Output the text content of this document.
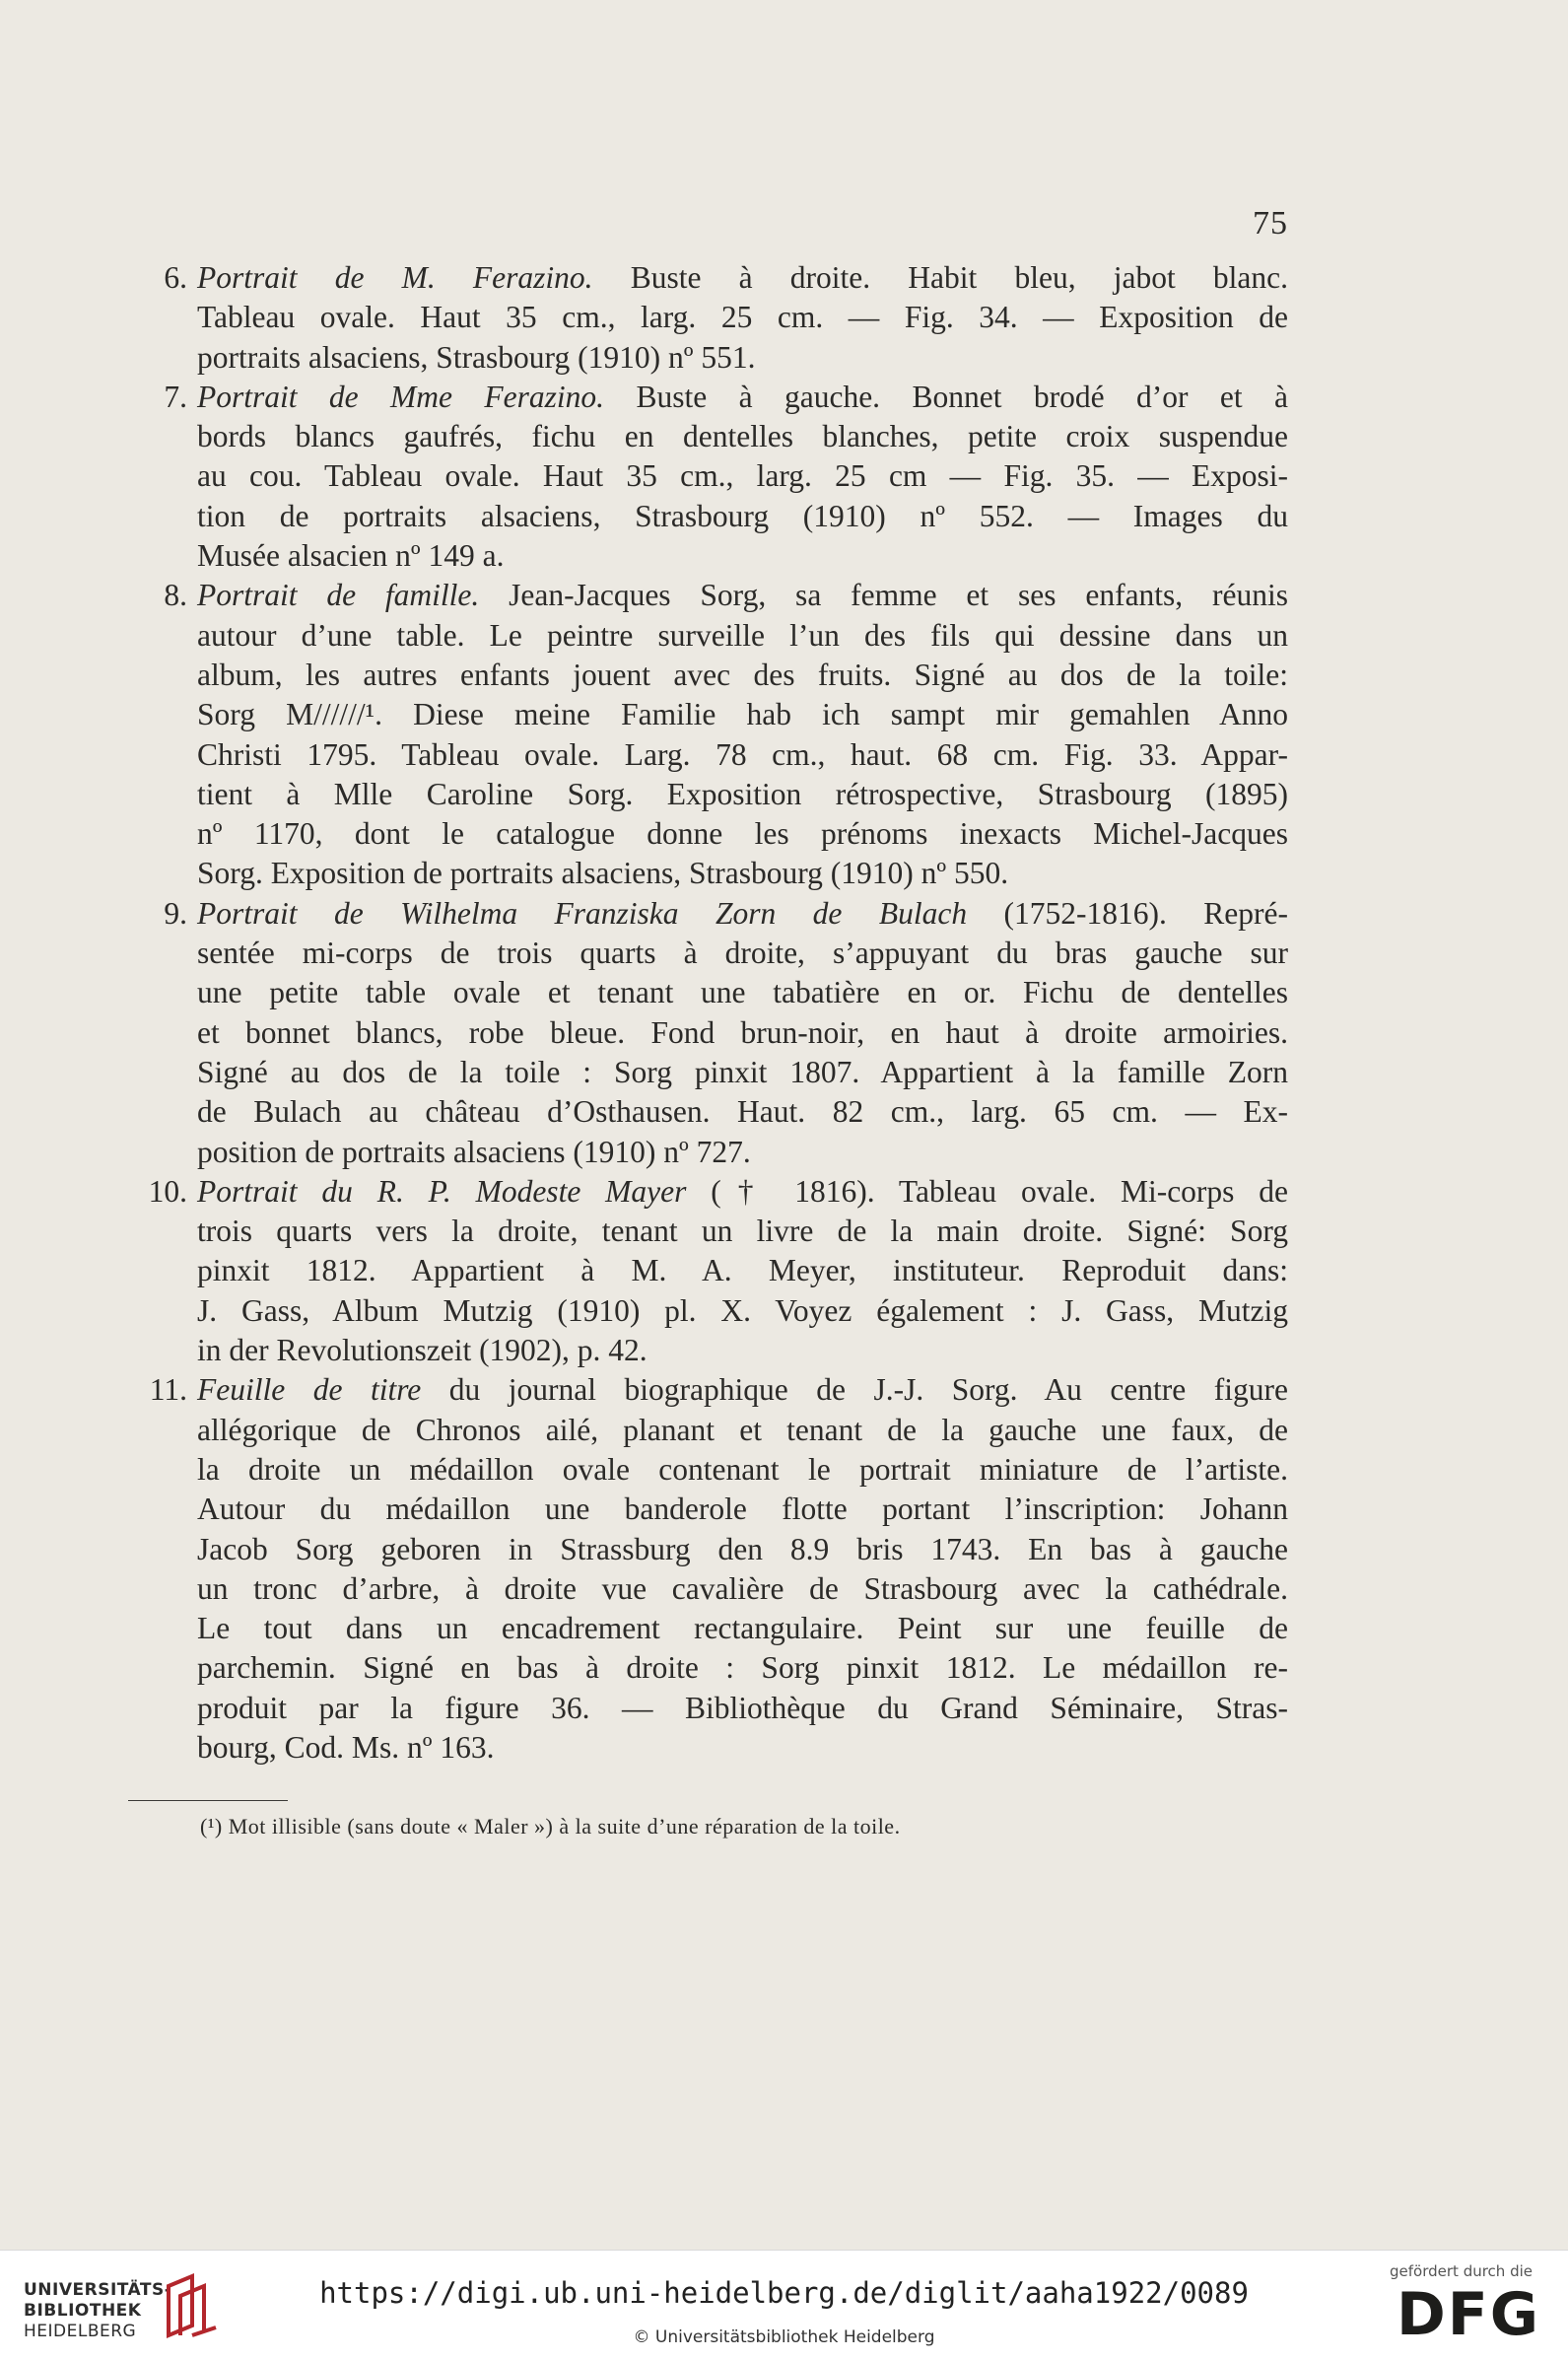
75
6. Portrait de M. Ferazino. Buste à droite. Habit bleu, jabot blanc.
Tableau ovale. Haut 35 cm., larg. 25 cm. — Fig. 34. — Exposition de
portraits alsaciens, Strasbourg (1910) nº 551.
7. Portrait de Mme Ferazino. Buste à gauche. Bonnet brodé d’or et à
bords blancs gaufrés, fichu en dentelles blanches, petite croix suspendue
au cou. Tableau ovale. Haut 35 cm., larg. 25 cm — Fig. 35. — Exposi-
tion de portraits alsaciens, Strasbourg (1910) nº 552. — Images du
Musée alsacien nº 149 a.
8. Portrait de famille. Jean-Jacques Sorg, sa femme et ses enfants, réunis
autour d’une table. Le peintre surveille l’un des fils qui dessine dans un
album, les autres enfants jouent avec des fruits. Signé au dos de la toile:
Sorg M//////¹. Diese meine Familie hab ich sampt mir gemahlen Anno
Christi 1795. Tableau ovale. Larg. 78 cm., haut. 68 cm. Fig. 33. Appar-
tient à Mlle Caroline Sorg. Exposition rétrospective, Strasbourg (1895)
nº 1170, dont le catalogue donne les prénoms inexacts Michel-Jacques
Sorg. Exposition de portraits alsaciens, Strasbourg (1910) nº 550.
9. Portrait de Wilhelma Franziska Zorn de Bulach (1752-1816). Repré-
sentée mi-corps de trois quarts à droite, s’appuyant du bras gauche sur
une petite table ovale et tenant une tabatière en or. Fichu de dentelles
et bonnet blancs, robe bleue. Fond brun-noir, en haut à droite armoiries.
Signé au dos de la toile : Sorg pinxit 1807. Appartient à la famille Zorn
de Bulach au château d’Osthausen. Haut. 82 cm., larg. 65 cm. — Ex-
position de portraits alsaciens (1910) nº 727.
10. Portrait du R. P. Modeste Mayer († 1816). Tableau ovale. Mi-corps de
trois quarts vers la droite, tenant un livre de la main droite. Signé: Sorg
pinxit 1812. Appartient à M. A. Meyer, instituteur. Reproduit dans:
J. Gass, Album Mutzig (1910) pl. X. Voyez également : J. Gass, Mutzig
in der Revolutionszeit (1902), p. 42.
11. Feuille de titre du journal biographique de J.-J. Sorg. Au centre figure
allégorique de Chronos ailé, planant et tenant de la gauche une faux, de
la droite un médaillon ovale contenant le portrait miniature de l’artiste.
Autour du médaillon une banderole flotte portant l’inscription: Johann
Jacob Sorg geboren in Strassburg den 8.9 bris 1743. En bas à gauche
un tronc d’arbre, à droite vue cavalière de Strasbourg avec la cathédrale.
Le tout dans un encadrement rectangulaire. Peint sur une feuille de
parchemin. Signé en bas à droite : Sorg pinxit 1812. Le médaillon re-
produit par la figure 36. — Bibliothèque du Grand Séminaire, Stras-
bourg, Cod. Ms. nº 163.
(¹) Mot illisible (sans doute « Maler ») à la suite d’une réparation de la toile.
UNIVERSITÄTS-
BIBLIOTHEK
HEIDELBERG
https://digi.ub.uni-heidelberg.de/diglit/aaha1922/0089
© Universitätsbibliothek Heidelberg
gefördert durch die
DFG
